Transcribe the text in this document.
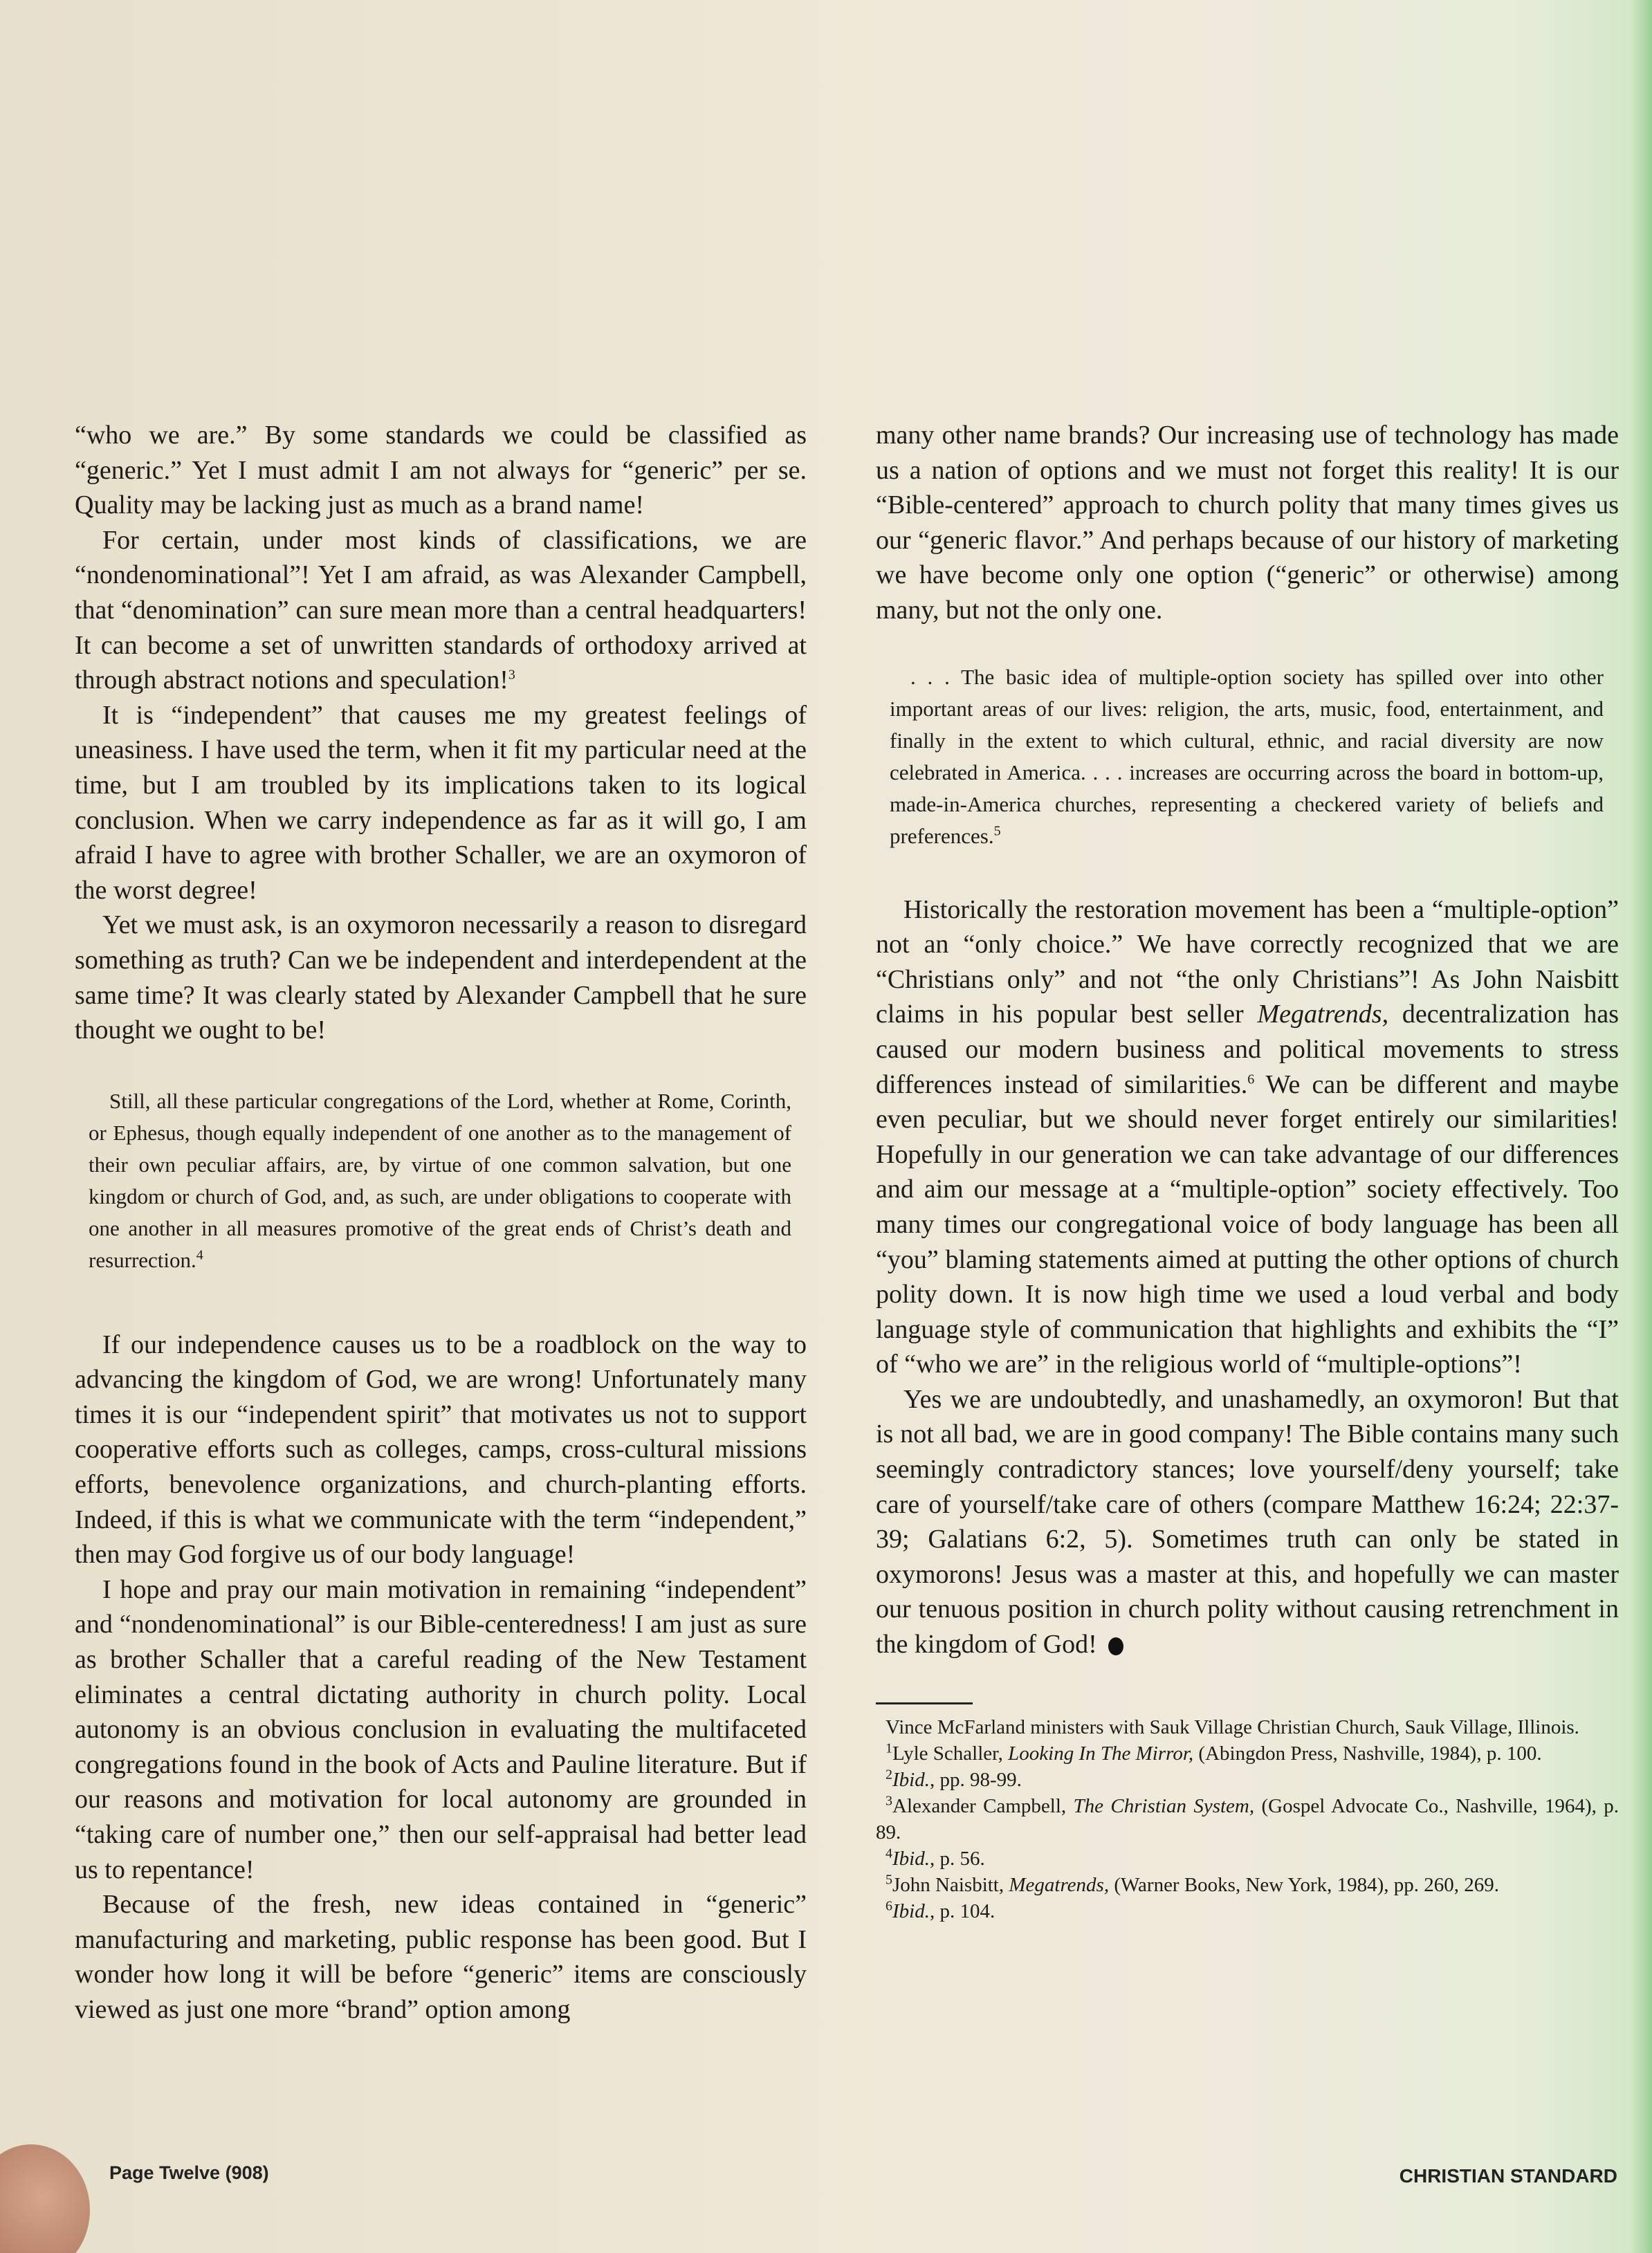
“who we are.” By some standards we could be classified as “generic.” Yet I must admit I am not always for “generic” per se. Quality may be lacking just as much as a brand name!

For certain, under most kinds of classifications, we are “nondenominational”! Yet I am afraid, as was Alexander Campbell, that “denomination” can sure mean more than a central headquarters! It can become a set of unwritten standards of orthodoxy arrived at through abstract notions and speculation!$^3$

It is “independent” that causes me my greatest feelings of uneasiness. I have used the term, when it fit my particular need at the time, but I am troubled by its implications taken to its logical conclusion. When we carry independence as far as it will go, I am afraid I have to agree with brother Schaller, we are an oxymoron of the worst degree!

Yet we must ask, is an oxymoron necessarily a reason to disregard something as truth? Can we be independent and interdependent at the same time? It was clearly stated by Alexander Campbell that he sure thought we ought to be!

Still, all these particular congregations of the Lord, whether at Rome, Corinth, or Ephesus, though equally independent of one another as to the management of their own peculiar affairs, are, by virtue of one common salvation, but one kingdom or church of God, and, as such, are under obligations to cooperate with one another in all measures promotive of the great ends of Christ’s death and resurrection.$^4$

If our independence causes us to be a roadblock on the way to advancing the kingdom of God, we are wrong! Unfortunately many times it is our “independent spirit” that motivates us not to support cooperative efforts such as colleges, camps, cross-cultural missions efforts, benevolence organizations, and church-planting efforts. Indeed, if this is what we communicate with the term “independent,” then may God forgive us of our body language!

I hope and pray our main motivation in remaining “independent” and “nondenominational” is our Bible-centeredness! I am just as sure as brother Schaller that a careful reading of the New Testament eliminates a central dictating authority in church polity. Local autonomy is an obvious conclusion in evaluating the multifaceted congregations found in the book of Acts and Pauline literature. But if our reasons and motivation for local autonomy are grounded in “taking care of number one,” then our self-appraisal had better lead us to repentance!

Because of the fresh, new ideas contained in “generic” manufacturing and marketing, public response has been good. But I wonder how long it will be before “generic” items are consciously viewed as just one more “brand” option among

many other name brands? Our increasing use of technology has made us a nation of options and we must not forget this reality! It is our “Bible-centered” approach to church polity that many times gives us our “generic flavor.” And perhaps because of our history of marketing we have become only one option (“generic” or otherwise) among many, but not the only one.

. . . The basic idea of multiple-option society has spilled over into other important areas of our lives: religion, the arts, music, food, entertainment, and finally in the extent to which cultural, ethnic, and racial diversity are now celebrated in America. . . . increases are occurring across the board in bottom-up, made-in-America churches, representing a checkered variety of beliefs and preferences.$^5$

Historically the restoration movement has been a “multiple-option” not an “only choice.” We have correctly recognized that we are “Christians only” and not “the only Christians”! As John Naisbitt claims in his popular best seller Megatrends, decentralization has caused our modern business and political movements to stress differences instead of similarities.$^6$ We can be different and maybe even peculiar, but we should never forget entirely our similarities! Hopefully in our generation we can take advantage of our differences and aim our message at a “multiple-option” society effectively. Too many times our congregational voice of body language has been all “you” blaming statements aimed at putting the other options of church polity down. It is now high time we used a loud verbal and body language style of communication that highlights and exhibits the “I” of “who we are” in the religious world of “multiple-options”!

Yes we are undoubtedly, and unashamedly, an oxymoron! But that is not all bad, we are in good company! The Bible contains many such seemingly contradictory stances; love yourself/deny yourself; take care of yourself/take care of others (compare Matthew 16:24; 22:37-39; Galatians 6:2, 5). Sometimes truth can only be stated in oxymorons! Jesus was a master at this, and hopefully we can master our tenuous position in church polity without causing retrenchment in the kingdom of God!

Vince McFarland ministers with Sauk Village Christian Church, Sauk Village, Illinois.

$^1$Lyle Schaller, Looking In The Mirror, (Abingdon Press, Nashville, 1984), p. 100.

$^2$Ibid., pp. 98-99.

$^3$Alexander Campbell, The Christian System, (Gospel Advocate Co., Nashville, 1964), p. 89.

$^4$Ibid., p. 56.

$^5$John Naisbitt, Megatrends, (Warner Books, New York, 1984), pp. 260, 269.

$^6$Ibid., p. 104.

Page Twelve (908)	CHRISTIAN STANDARD
